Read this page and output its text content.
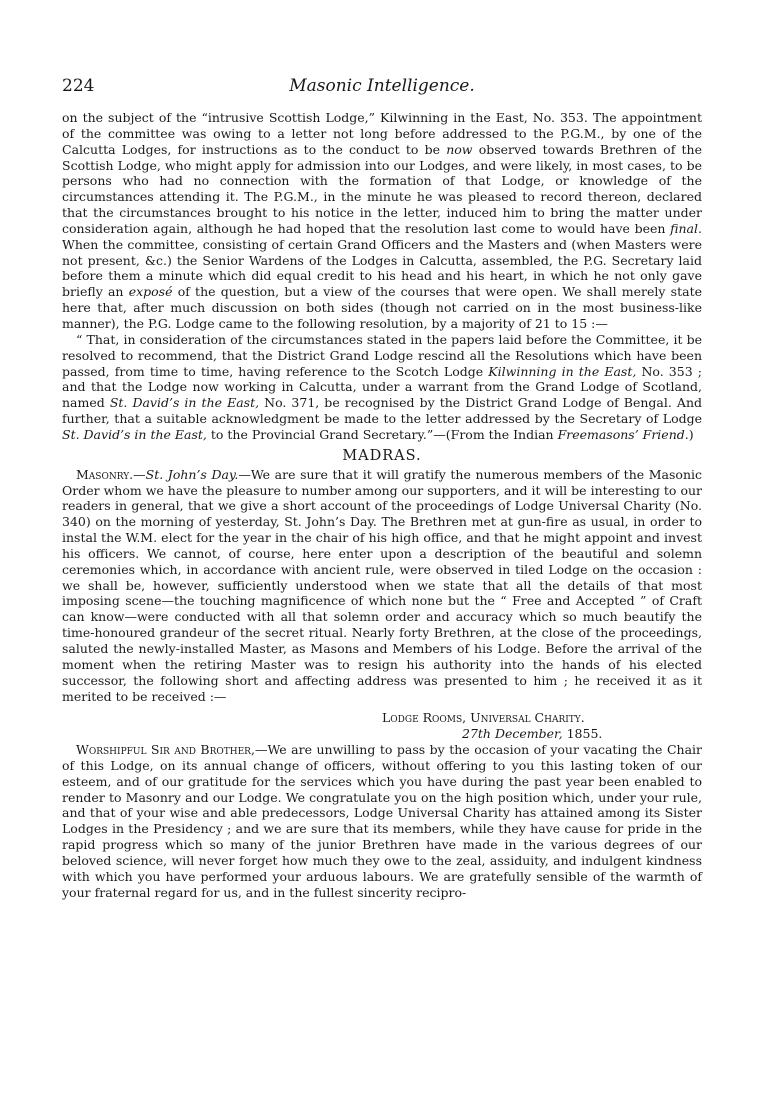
224	Masonic Intelligence.

on the subject of the “intrusive Scottish Lodge,” Kilwinning in the East, No. 353. The appointment of the committee was owing to a letter not long before addressed to the P.G.M., by one of the Calcutta Lodges, for instructions as to the conduct to be now observed towards Brethren of the Scottish Lodge, who might apply for admission into our Lodges, and were likely, in most cases, to be persons who had no connection with the formation of that Lodge, or knowledge of the circumstances attending it. The P.G.M., in the minute he was pleased to record thereon, declared that the circumstances brought to his notice in the letter, induced him to bring the matter under consideration again, although he had hoped that the resolution last come to would have been final. When the committee, consisting of certain Grand Officers and the Masters and (when Masters were not present, &c.) the Senior Wardens of the Lodges in Calcutta, assembled, the P.G. Secretary laid before them a minute which did equal credit to his head and his heart, in which he not only gave briefly an exposé of the question, but a view of the courses that were open. We shall merely state here that, after much discussion on both sides (though not carried on in the most business-like manner), the P.G. Lodge came to the following resolution, by a majority of 21 to 15 :—

“ That, in consideration of the circumstances stated in the papers laid before the Committee, it be resolved to recommend, that the District Grand Lodge rescind all the Resolutions which have been passed, from time to time, having reference to the Scotch Lodge Kilwinning in the East, No. 353 ; and that the Lodge now working in Calcutta, under a warrant from the Grand Lodge of Scotland, named St. David’s in the East, No. 371, be recognised by the District Grand Lodge of Bengal. And further, that a suitable acknowledgment be made to the letter addressed by the Secretary of Lodge St. David’s in the East, to the Provincial Grand Secretary.”—(From the Indian Freemasons’ Friend.)

MADRAS.

Masonry.—St. John’s Day.—We are sure that it will gratify the numerous members of the Masonic Order whom we have the pleasure to number among our supporters, and it will be interesting to our readers in general, that we give a short account of the proceedings of Lodge Universal Charity (No. 340) on the morning of yesterday, St. John’s Day. The Brethren met at gun-fire as usual, in order to instal the W.M. elect for the year in the chair of his high office, and that he might appoint and invest his officers. We cannot, of course, here enter upon a description of the beautiful and solemn ceremonies which, in accordance with ancient rule, were observed in tiled Lodge on the occasion : we shall be, however, sufficiently understood when we state that all the details of that most imposing scene—the touching magnificence of which none but the “ Free and Accepted ” of Craft can know—were conducted with all that solemn order and accuracy which so much beautify the time-honoured grandeur of the secret ritual. Nearly forty Brethren, at the close of the proceedings, saluted the newly-installed Master, as Masons and Members of his Lodge. Before the arrival of the moment when the retiring Master was to resign his authority into the hands of his elected successor, the following short and affecting address was presented to him ; he received it as it merited to be received :—

Lodge Rooms, Universal Charity.
27th December, 1855.

Worshipful Sir and Brother,—We are unwilling to pass by the occasion of your vacating the Chair of this Lodge, on its annual change of officers, without offering to you this lasting token of our esteem, and of our gratitude for the services which you have during the past year been enabled to render to Masonry and our Lodge. We congratulate you on the high position which, under your rule, and that of your wise and able predecessors, Lodge Universal Charity has attained among its Sister Lodges in the Presidency ; and we are sure that its members, while they have cause for pride in the rapid progress which so many of the junior Brethren have made in the various degrees of our beloved science, will never forget how much they owe to the zeal, assiduity, and indulgent kindness with which you have performed your arduous labours. We are gratefully sensible of the warmth of your fraternal regard for us, and in the fullest sincerity recipro-
